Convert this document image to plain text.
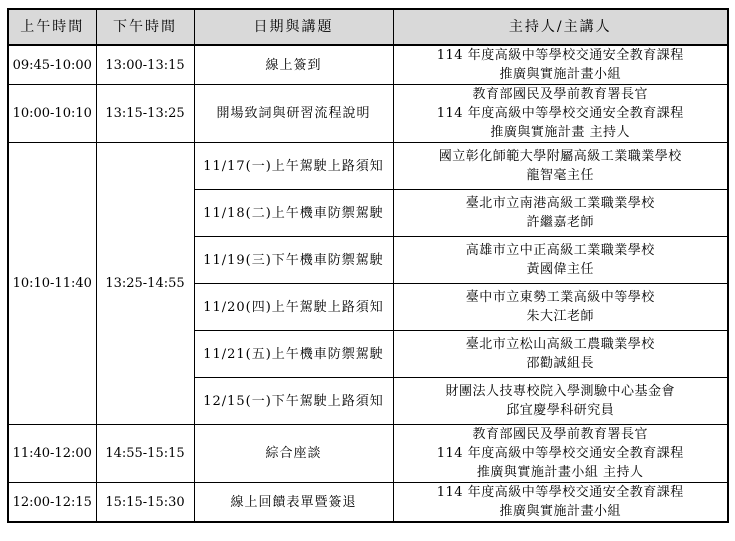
上午時間	下午時間	日期與講題	主持人/主講人
09:45-10:00	13:00-13:15	線上簽到	114 年度高級中等學校交通安全教育課程
推廣與實施計畫小組

10:00-10:10	13:15-13:25	開場致詞與研習流程說明	教育部國民及學前教育署長官
114 年度高級中等學校交通安全教育課程
推廣與實施計畫 主持人

10:10-11:40	13:25-14:55	11/17(一)上午駕駛上路須知	國立彰化師範大學附屬高級工業職業學校
龍智毫主任

		11/18(二)上午機車防禦駕駛	臺北市立南港高級工業職業學校
許繼嘉老師

		11/19(三)下午機車防禦駕駛	高雄市立中正高級工業職業學校
黃國偉主任

		11/20(四)上午駕駛上路須知	臺中市立東勢工業高級中等學校
朱大江老師

		11/21(五)上午機車防禦駕駛	臺北市立松山高級工農職業學校
邵勸誠組長

		12/15(一)下午駕駛上路須知	財團法人技專校院入學測驗中心基金會
邱宜慶學科研究員

11:40-12:00	14:55-15:15	綜合座談	教育部國民及學前教育署長官
114 年度高級中等學校交通安全教育課程
推廣與實施計畫小組 主持人

12:00-12:15	15:15-15:30	線上回饋表單暨簽退	114 年度高級中等學校交通安全教育課程
推廣與實施計畫小組
